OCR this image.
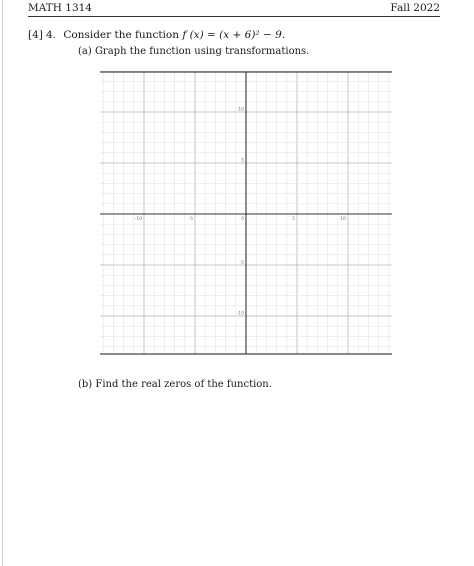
MATH 1314	Fall 2022
[4] 4. Consider the function f (x) = (x + 6)² − 9.
(a) Graph the function using transformations.
-10	-5	0	5	10
10
5
-5
-10
(b) Find the real zeros of the function.
